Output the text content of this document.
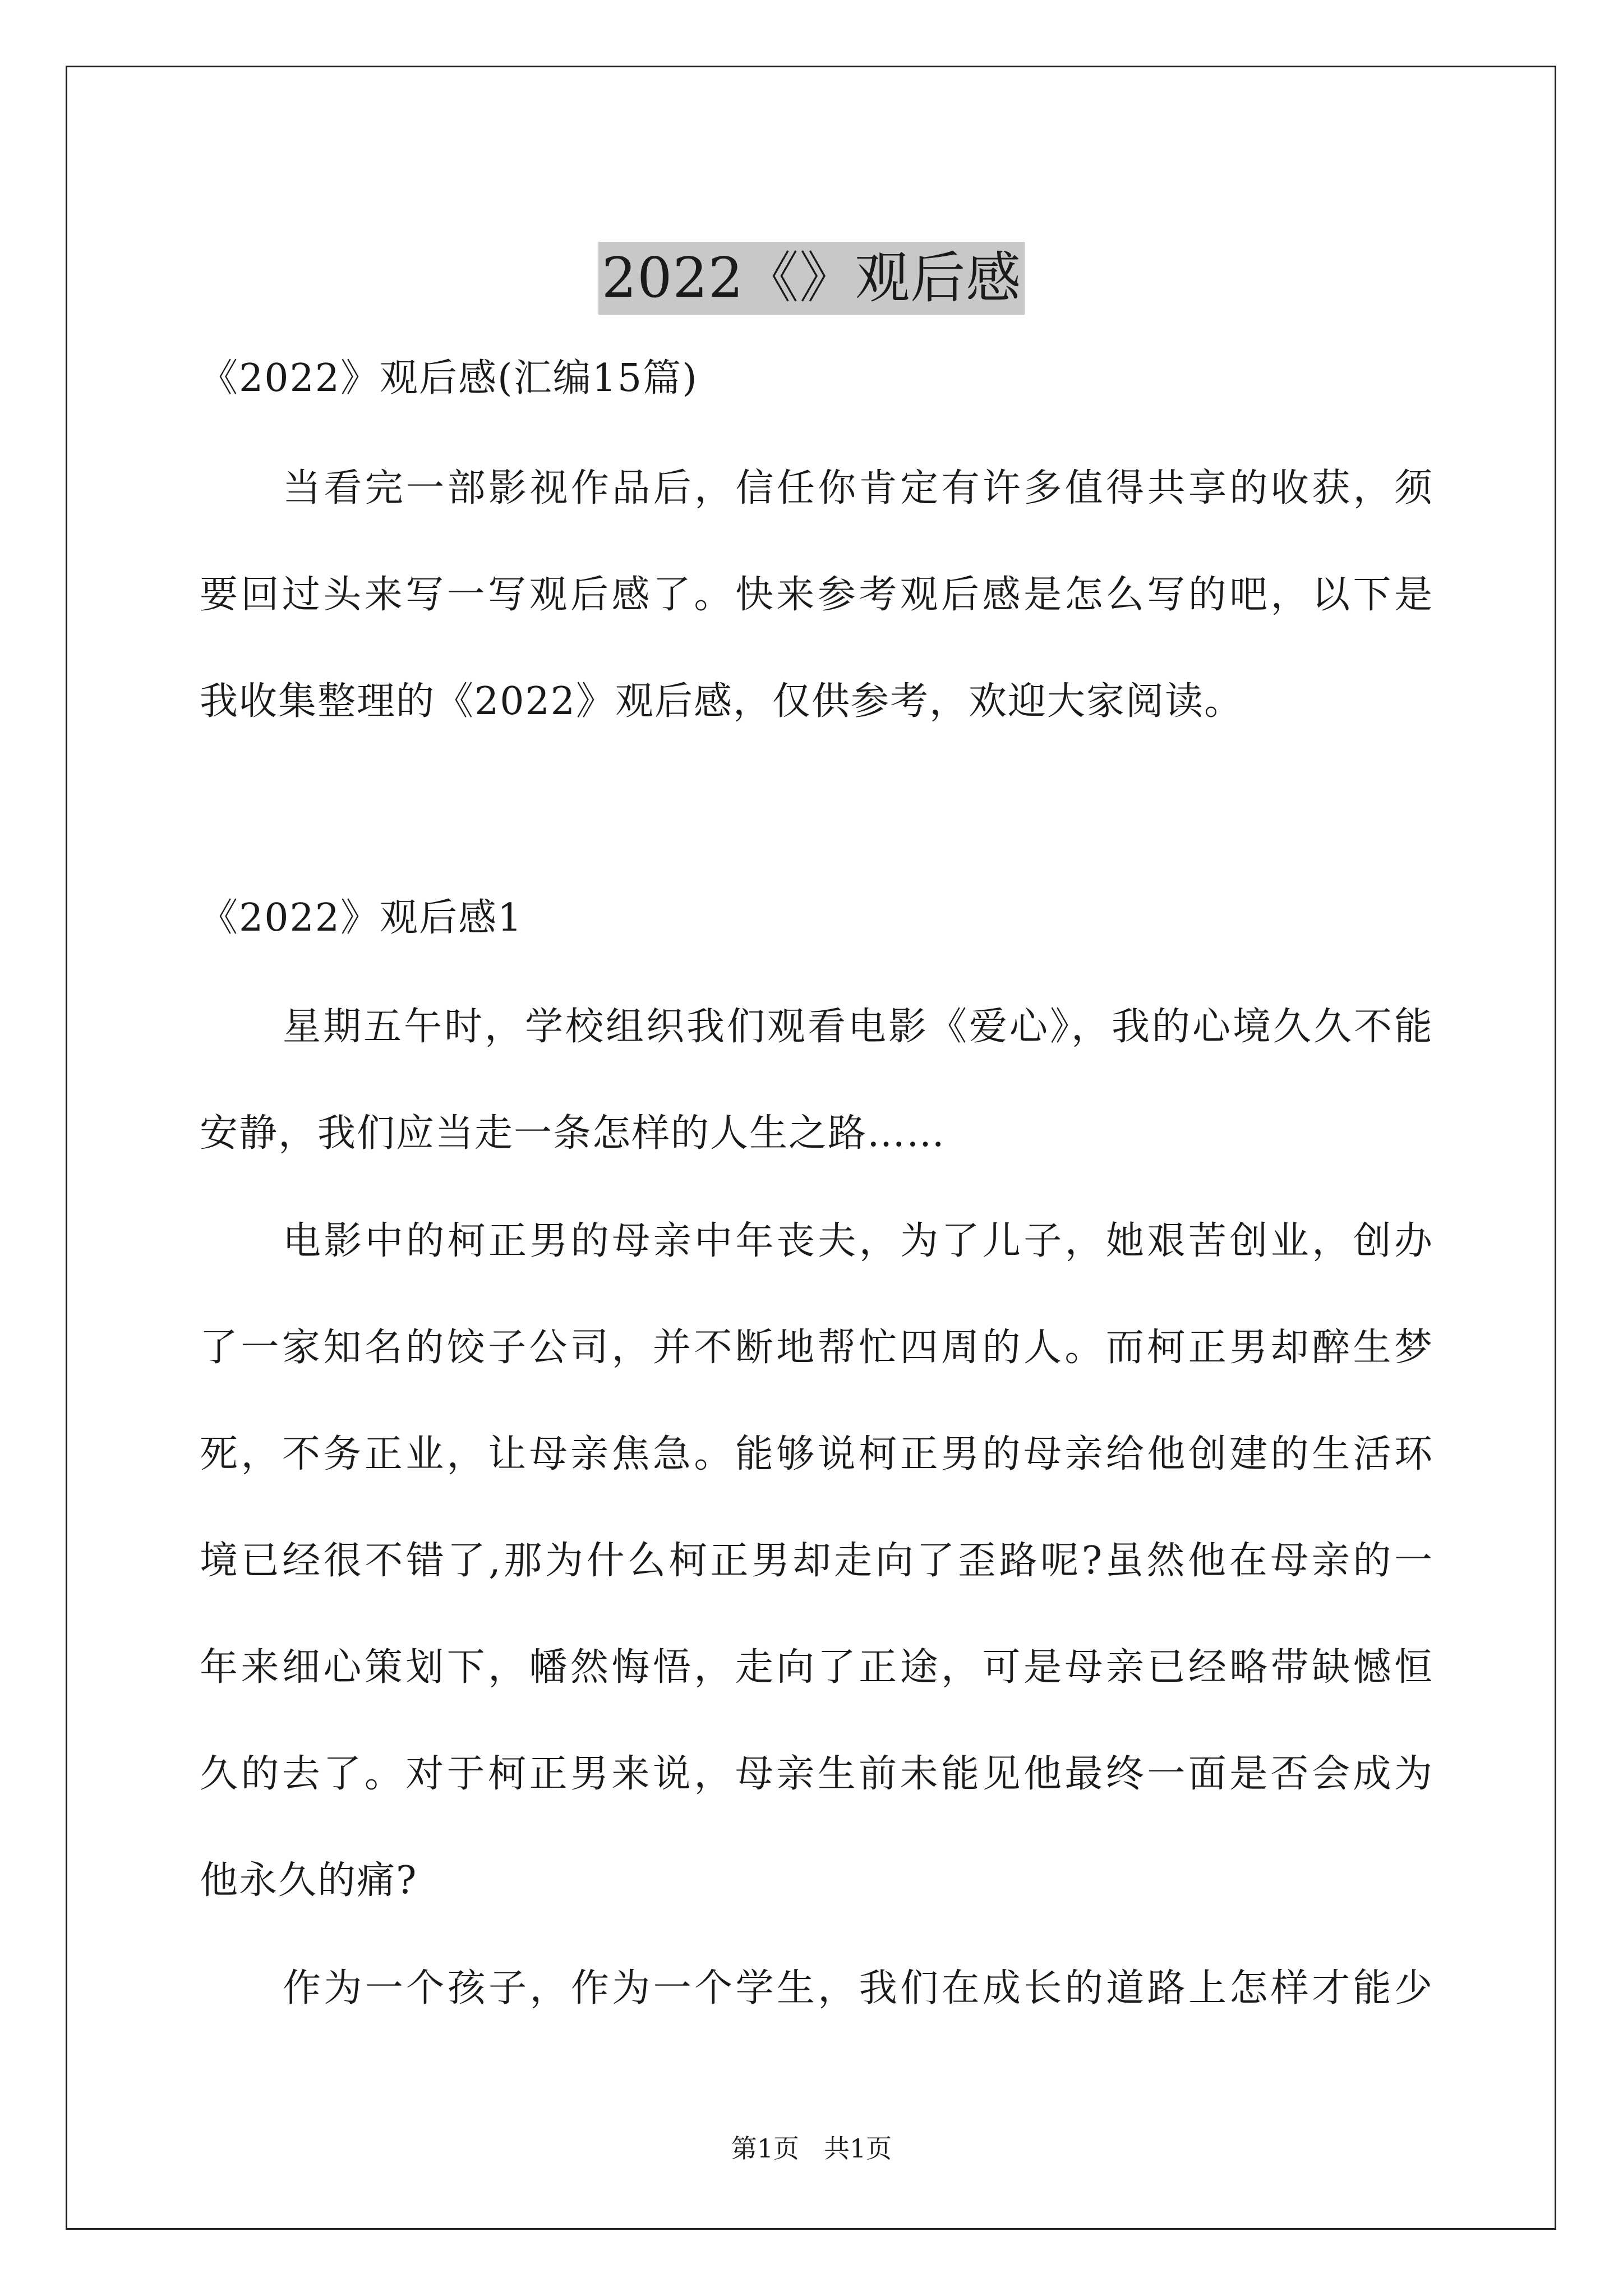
2022《》观后感
《2022》观后感(汇编15篇)
当看完一部影视作品后，信任你肯定有许多值得共享的收获，须
要回过头来写一写观后感了。快来参考观后感是怎么写的吧，以下是
我收集整理的《2022》观后感，仅供参考，欢迎大家阅读。
《2022》观后感1
星期五午时，学校组织我们观看电影《爱心》，我的心境久久不能
安静，我们应当走一条怎样的人生之路……
电影中的柯正男的母亲中年丧夫，为了儿子，她艰苦创业，创办
了一家知名的饺子公司，并不断地帮忙四周的人。而柯正男却醉生梦
死，不务正业，让母亲焦急。能够说柯正男的母亲给他创建的生活环
境已经很不错了,那为什么柯正男却走向了歪路呢?虽然他在母亲的一
年来细心策划下，幡然悔悟，走向了正途，可是母亲已经略带缺憾恒
久的去了。对于柯正男来说，母亲生前未能见他最终一面是否会成为
他永久的痛?
作为一个孩子，作为一个学生，我们在成长的道路上怎样才能少
第1页 共1页
